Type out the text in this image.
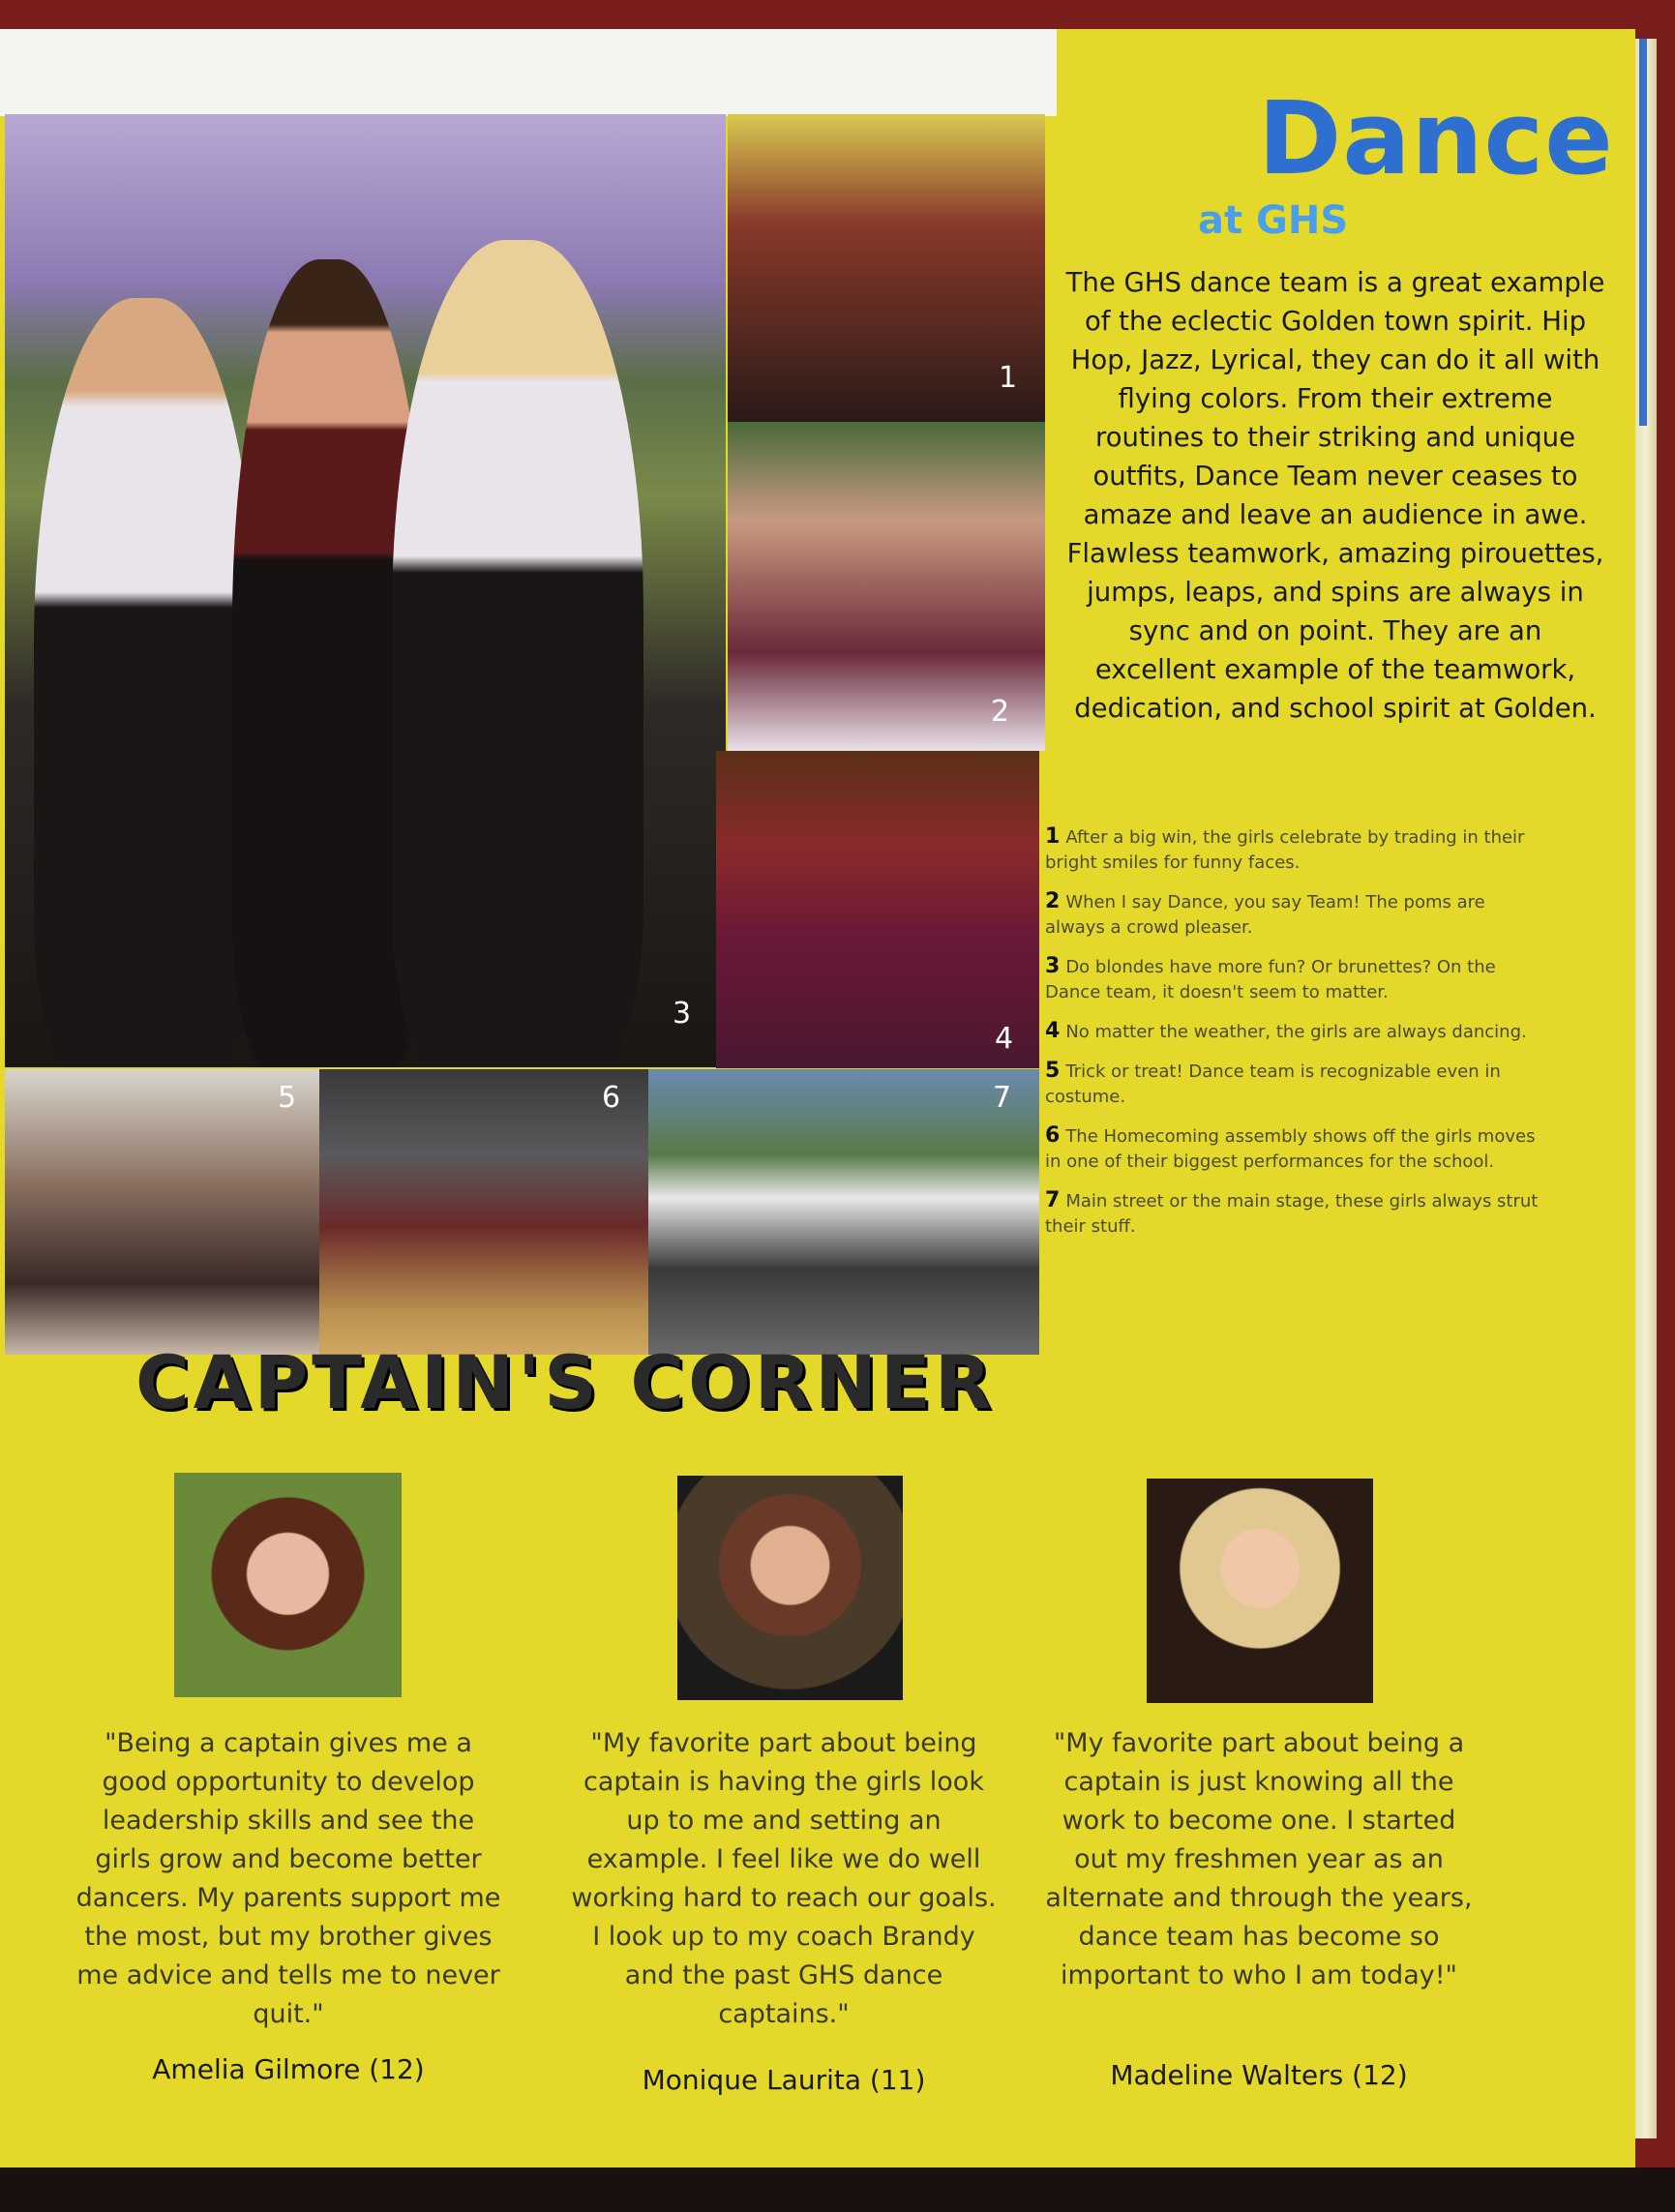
3
1
2
4
5	6	7
Dance
at GHS
The GHS dance team is a great example of the eclectic Golden town spirit. Hip Hop, Jazz, Lyrical, they can do it all with flying colors. From their extreme routines to their striking and unique outfits, Dance Team never ceases to amaze and leave an audience in awe. Flawless teamwork, amazing pirouettes, jumps, leaps, and spins are always in sync and on point. They are an excellent example of the teamwork, dedication, and school spirit at Golden.
1 After a big win, the girls celebrate by trading in their bright smiles for funny faces.
2 When I say Dance, you say Team! The poms are always a crowd pleaser.
3 Do blondes have more fun? Or brunettes? On the Dance team, it doesn't seem to matter.
4 No matter the weather, the girls are always dancing.
5 Trick or treat! Dance team is recognizable even in costume.
6 The Homecoming assembly shows off the girls moves in one of their biggest performances for the school.
7 Main street or the main stage, these girls always strut their stuff.
CAPTAIN'S CORNER
"Being a captain gives me a good opportunity to develop leadership skills and see the girls grow and become better dancers. My parents support me the most, but my brother gives me advice and tells me to never quit."
"My favorite part about being captain is having the girls look up to me and setting an example. I feel like we do well working hard to reach our goals. I look up to my coach Brandy and the past GHS dance captains."
"My favorite part about being a captain is just knowing all the work to become one. I started out my freshmen year as an alternate and through the years, dance team has become so important to who I am today!"
Amelia Gilmore (12)	Monique Laurita (11)	Madeline Walters (12)
